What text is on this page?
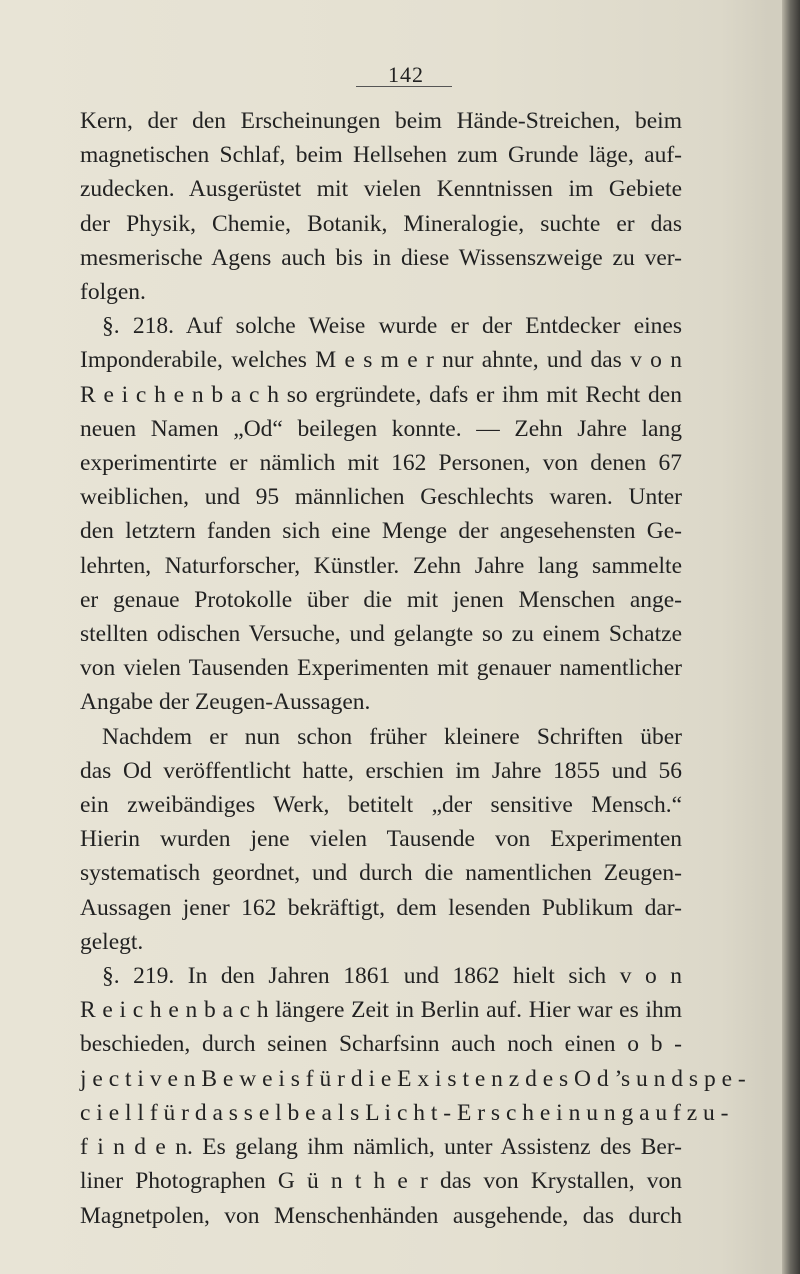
142

Kern, der den Erscheinungen beim Hände-Streichen, beim
magnetischen Schlaf, beim Hellsehen zum Grunde läge, auf-
zudecken. Ausgerüstet mit vielen Kenntnissen im Gebiete
der Physik, Chemie, Botanik, Mineralogie, suchte er das
mesmerische Agens auch bis in diese Wissenszweige zu ver-
folgen.
§. 218. Auf solche Weise wurde er der Entdecker eines
Imponderabile, welches M e s m e r nur ahnte, und das v o n
R e i c h e n b a c h so ergründete, dafs er ihm mit Recht den
neuen Namen „Od“ beilegen konnte. — Zehn Jahre lang
experimentirte er nämlich mit 162 Personen, von denen 67
weiblichen, und 95 männlichen Geschlechts waren. Unter
den letztern fanden sich eine Menge der angesehensten Ge-
lehrten, Naturforscher, Künstler. Zehn Jahre lang sammelte
er genaue Protokolle über die mit jenen Menschen ange-
stellten odischen Versuche, und gelangte so zu einem Schatze
von vielen Tausenden Experimenten mit genauer namentlicher
Angabe der Zeugen-Aussagen.
Nachdem er nun schon früher kleinere Schriften über
das Od veröffentlicht hatte, erschien im Jahre 1855 und 56
ein zweibändiges Werk, betitelt „der sensitive Mensch.“
Hierin wurden jene vielen Tausende von Experimenten
systematisch geordnet, und durch die namentlichen Zeugen-
Aussagen jener 162 bekräftigt, dem lesenden Publikum dar-
gelegt.
§. 219. In den Jahren 1861 und 1862 hielt sich v o n
R e i c h e n b a c h längere Zeit in Berlin auf. Hier war es ihm
beschieden, durch seinen Scharfsinn auch noch einen o b -
j e c t i v e n B e w e i s f ü r d i e E x i s t e n z d e s O d ’s u n d s p e -
c i e l l f ü r d a s s e l b e a l s L i c h t - E r s c h e i n u n g a u f z u -
f i n d e n. Es gelang ihm nämlich, unter Assistenz des Ber-
liner Photographen G ü n t h e r das von Krystallen, von
Magnetpolen, von Menschenhänden ausgehende, das durch
